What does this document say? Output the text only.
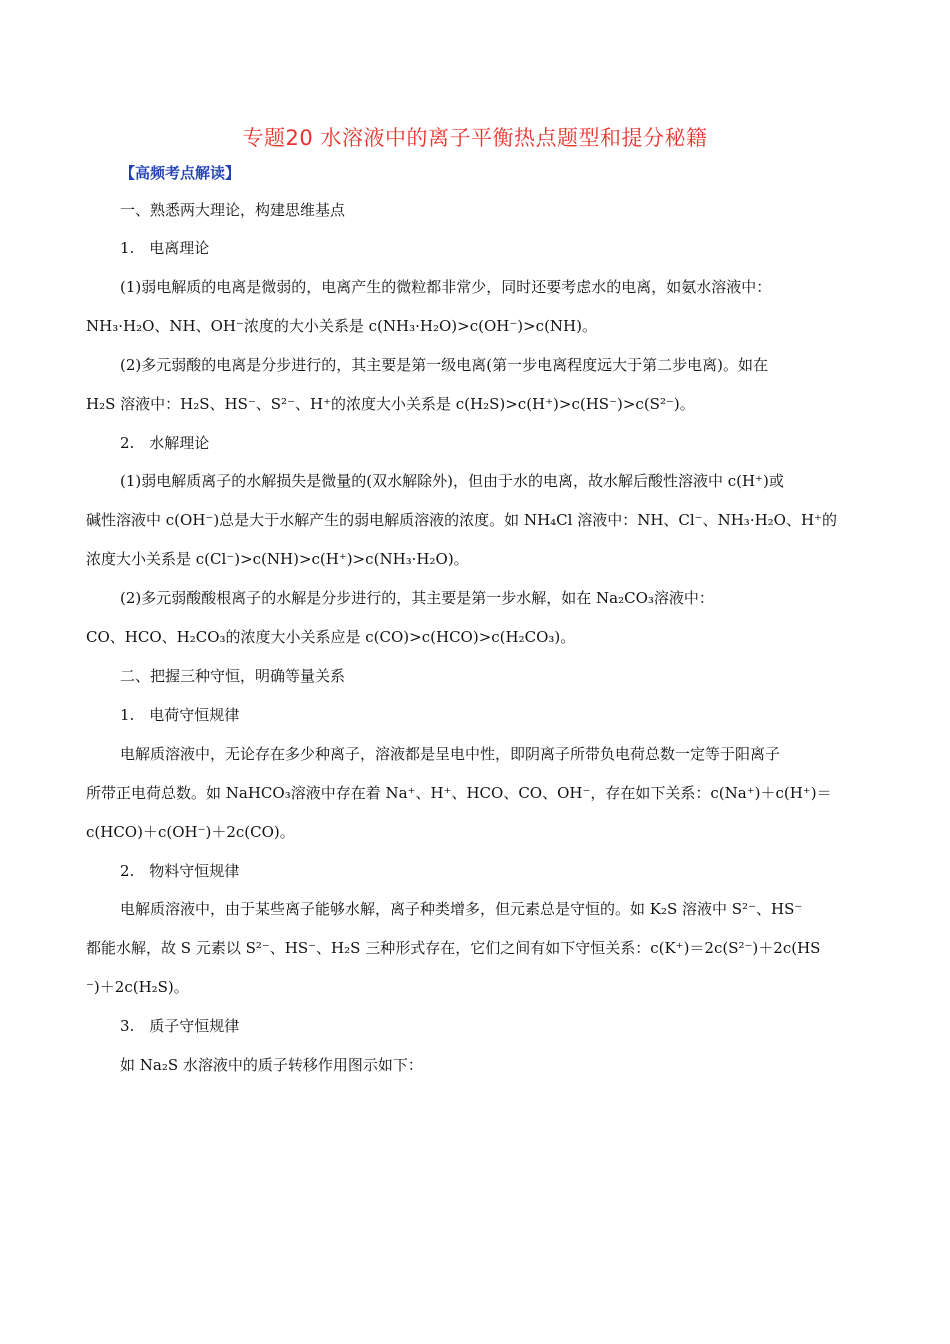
专题20 水溶液中的离子平衡热点题型和提分秘籍
【高频考点解读】
一、熟悉两大理论，构建思维基点
1.　电离理论
(1)弱电解质的电离是微弱的，电离产生的微粒都非常少，同时还要考虑水的电离，如氨水溶液中：
NH₃·H₂O、NH、OH⁻浓度的大小关系是 c(NH₃·H₂O)>c(OH⁻)>c(NH)。
(2)多元弱酸的电离是分步进行的，其主要是第一级电离(第一步电离程度远大于第二步电离)。如在
H₂S 溶液中：H₂S、HS⁻、S²⁻、H⁺的浓度大小关系是 c(H₂S)>c(H⁺)>c(HS⁻)>c(S²⁻)。
2.　水解理论
(1)弱电解质离子的水解损失是微量的(双水解除外)，但由于水的电离，故水解后酸性溶液中 c(H⁺)或
碱性溶液中 c(OH⁻)总是大于水解产生的弱电解质溶液的浓度。如 NH₄Cl 溶液中：NH、Cl⁻、NH₃·H₂O、H⁺的
浓度大小关系是 c(Cl⁻)>c(NH)>c(H⁺)>c(NH₃·H₂O)。
(2)多元弱酸酸根离子的水解是分步进行的，其主要是第一步水解，如在 Na₂CO₃溶液中：
CO、HCO、H₂CO₃的浓度大小关系应是 c(CO)>c(HCO)>c(H₂CO₃)。
二、把握三种守恒，明确等量关系
1.　电荷守恒规律
电解质溶液中，无论存在多少种离子，溶液都是呈电中性，即阴离子所带负电荷总数一定等于阳离子
所带正电荷总数。如 NaHCO₃溶液中存在着 Na⁺、H⁺、HCO、CO、OH⁻，存在如下关系：c(Na⁺)＋c(H⁺)＝
c(HCO)＋c(OH⁻)＋2c(CO)。
2.　物料守恒规律
电解质溶液中，由于某些离子能够水解，离子种类增多，但元素总是守恒的。如 K₂S 溶液中 S²⁻、HS⁻
都能水解，故 S 元素以 S²⁻、HS⁻、H₂S 三种形式存在，它们之间有如下守恒关系：c(K⁺)＝2c(S²⁻)＋2c(HS
⁻)＋2c(H₂S)。
3.　质子守恒规律
如 Na₂S 水溶液中的质子转移作用图示如下：
